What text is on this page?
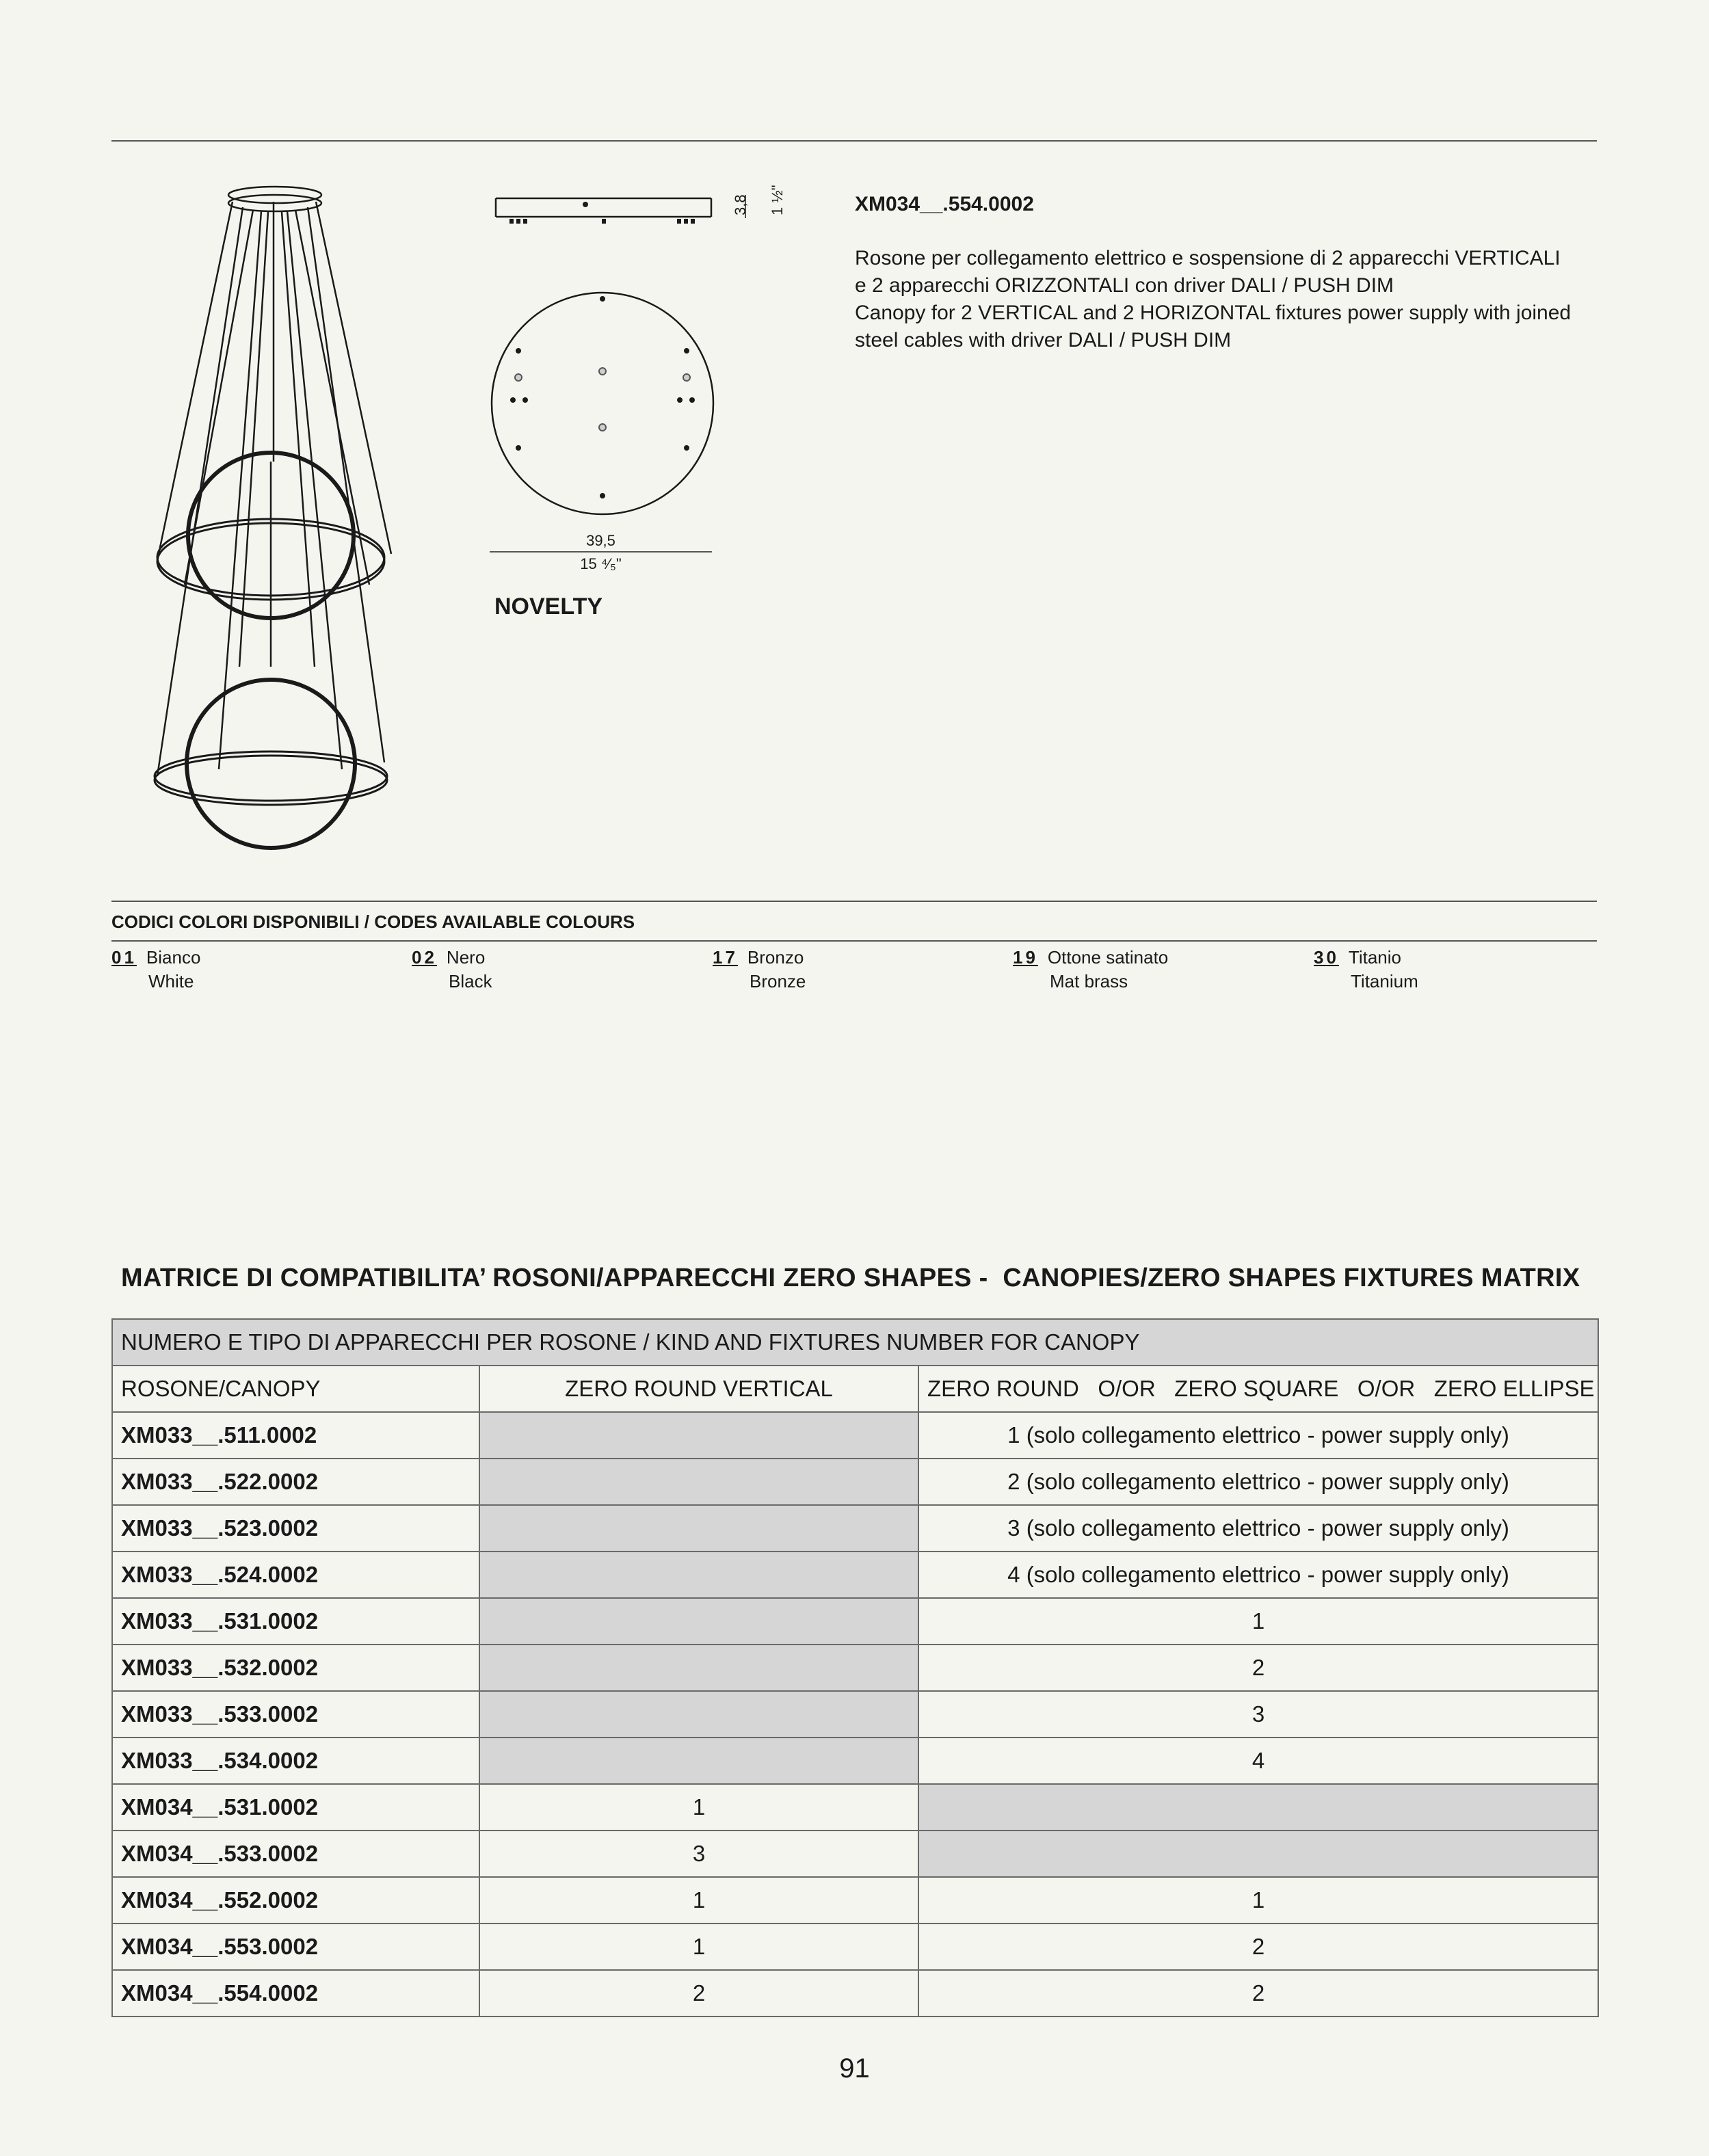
3,8 1 ½"
39,5
15 ⁴⁄₅"
NOVELTY
XM034__.554.0002
Rosone per collegamento elettrico e sospensione di 2 apparecchi VERTICALI
e 2 apparecchi ORIZZONTALI con driver DALI / PUSH DIM
Canopy for 2 VERTICAL and 2 HORIZONTAL fixtures power supply with joined
steel cables with driver DALI / PUSH DIM
CODICI COLORI DISPONIBILI / CODES AVAILABLE COLOURS
01 Bianco
White
02 Nero
Black
17 Bronzo
Bronze
19 Ottone satinato
Mat brass
30 Titanio
Titanium
MATRICE DI COMPATIBILITA’ ROSONI/APPARECCHI ZERO SHAPES -  CANOPIES/ZERO SHAPES FIXTURES MATRIX
NUMERO E TIPO DI APPARECCHI PER ROSONE / KIND AND FIXTURES NUMBER FOR CANOPY		
ROSONE/CANOPY	ZERO ROUND VERTICAL	ZERO ROUND   O/OR   ZERO SQUARE   O/OR   ZERO ELLIPSE
XM033__.511.0002		1 (solo collegamento elettrico - power supply only)
XM033__.522.0002		2 (solo collegamento elettrico - power supply only)
XM033__.523.0002		3 (solo collegamento elettrico - power supply only)
XM033__.524.0002		4 (solo collegamento elettrico - power supply only)
XM033__.531.0002		1
XM033__.532.0002		2
XM033__.533.0002		3
XM033__.534.0002		4
XM034__.531.0002	1	
XM034__.533.0002	3	
XM034__.552.0002	1	1
XM034__.553.0002	1	2
XM034__.554.0002	2	2
91
